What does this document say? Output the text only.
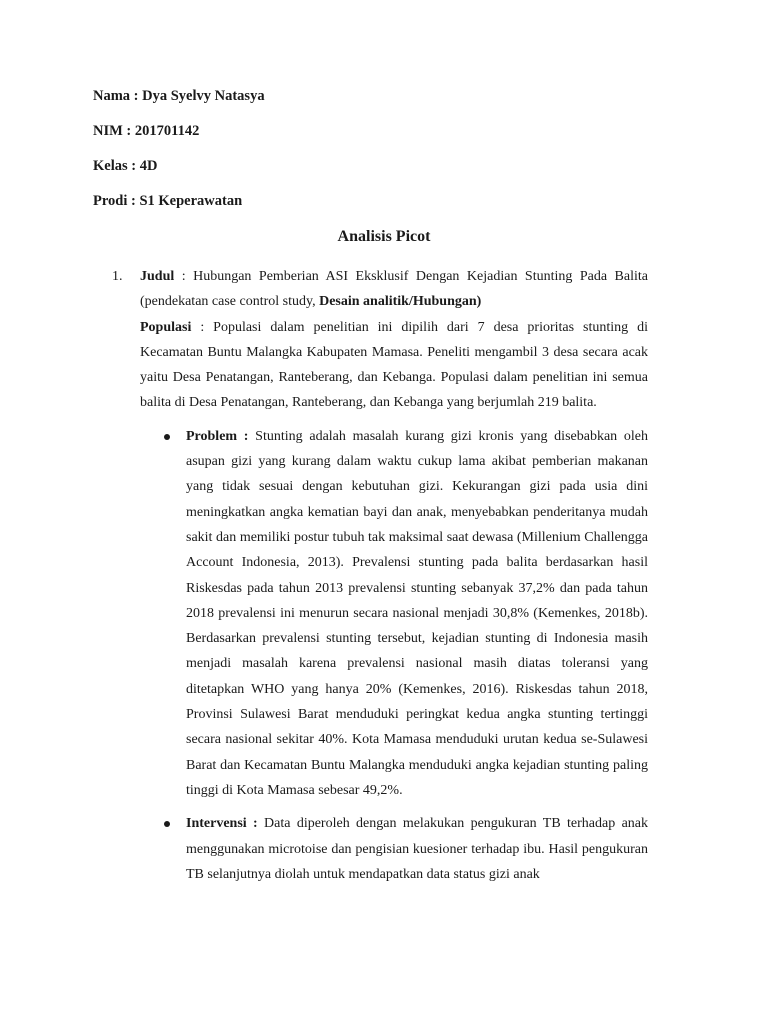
Nama : Dya Syelvy Natasya
NIM : 201701142
Kelas : 4D
Prodi : S1 Keperawatan
Analisis Picot
1. Judul : Hubungan Pemberian ASI Eksklusif Dengan Kejadian Stunting Pada Balita (pendekatan case control study, Desain analitik/Hubungan)

Populasi : Populasi dalam penelitian ini dipilih dari 7 desa prioritas stunting di Kecamatan Buntu Malangka Kabupaten Mamasa. Peneliti mengambil 3 desa secara acak yaitu Desa Penatangan, Ranteberang, dan Kebanga. Populasi dalam penelitian ini semua balita di Desa Penatangan, Ranteberang, dan Kebanga yang berjumlah 219 balita.

Problem : Stunting adalah masalah kurang gizi kronis yang disebabkan oleh asupan gizi yang kurang dalam waktu cukup lama akibat pemberian makanan yang tidak sesuai dengan kebutuhan gizi. Kekurangan gizi pada usia dini meningkatkan angka kematian bayi dan anak, menyebabkan penderitanya mudah sakit dan memiliki postur tubuh tak maksimal saat dewasa (Millenium Challengga Account Indonesia, 2013). Prevalensi stunting pada balita berdasarkan hasil Riskesdas pada tahun 2013 prevalensi stunting sebanyak 37,2% dan pada tahun 2018 prevalensi ini menurun secara nasional menjadi 30,8% (Kemenkes, 2018b). Berdasarkan prevalensi stunting tersebut, kejadian stunting di Indonesia masih menjadi masalah karena prevalensi nasional masih diatas toleransi yang ditetapkan WHO yang hanya 20% (Kemenkes, 2016). Riskesdas tahun 2018, Provinsi Sulawesi Barat menduduki peringkat kedua angka stunting tertinggi secara nasional sekitar 40%. Kota Mamasa menduduki urutan kedua se-Sulawesi Barat dan Kecamatan Buntu Malangka menduduki angka kejadian stunting paling tinggi di Kota Mamasa sebesar 49,2%.
Intervensi : Data diperoleh dengan melakukan pengukuran TB terhadap anak menggunakan microtoise dan pengisian kuesioner terhadap ibu. Hasil pengukuran TB selanjutnya diolah untuk mendapatkan data status gizi anak
